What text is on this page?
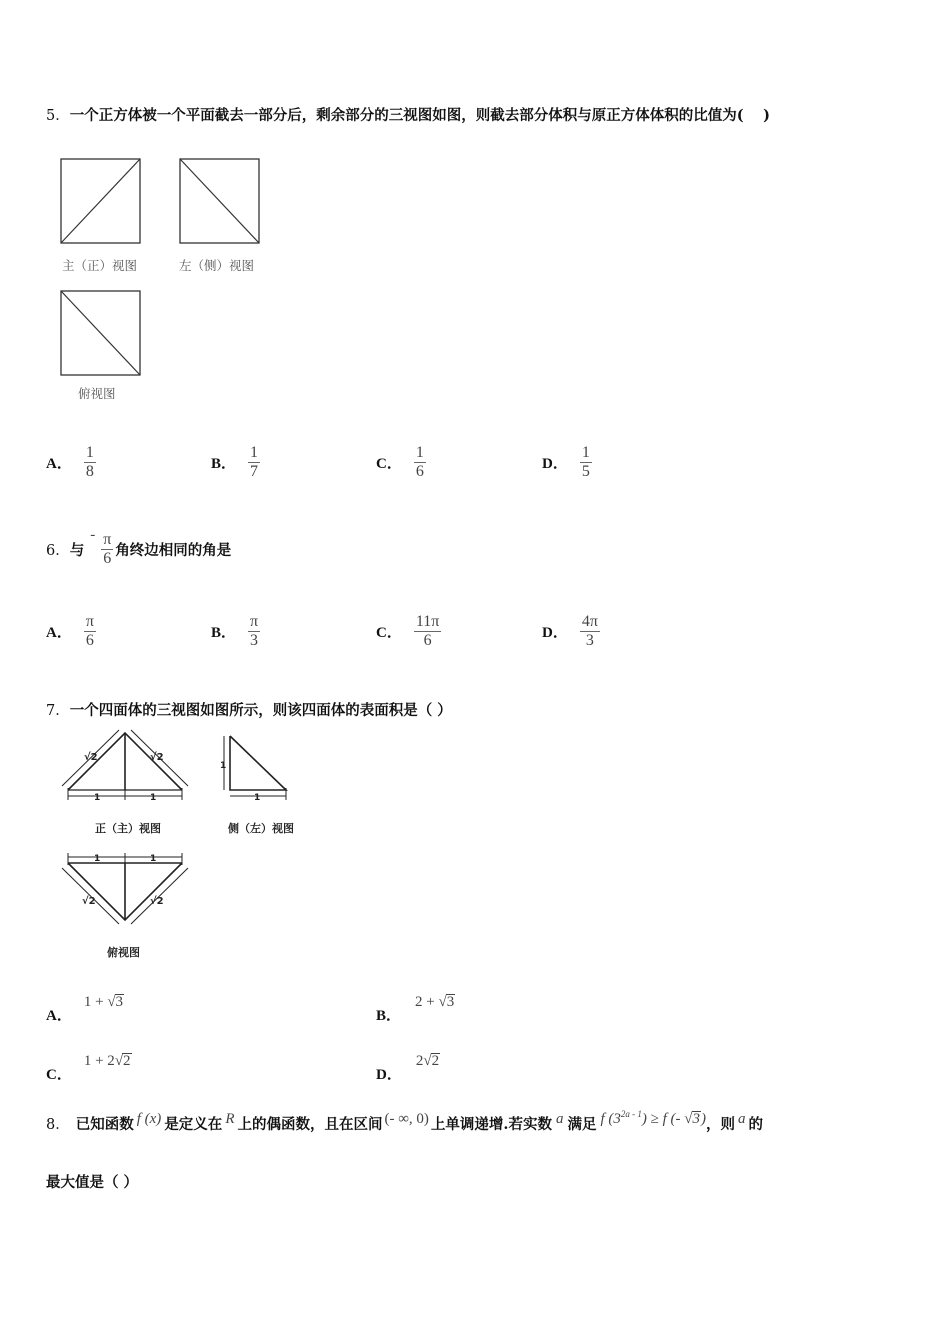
5．一个正方体被一个平面截去一部分后，剩余部分的三视图如图，则截去部分体积与原正方体体积的比值为(　 )
主（正）视图	左（侧）视图
俯视图
A． $\frac{1}{8}$	B． $\frac{1}{7}$	C． $\frac{1}{6}$	D． $\frac{1}{5}$
6． 与
- $\frac{\pi}{6}$ 角终边相同的角是
A． $\frac{\pi}{6}$	B． $\frac{\pi}{3}$	C． $\frac{11\pi}{6}$	D． $\frac{4\pi}{3}$
7．一个四面体的三视图如图所示，则该四面体的表面积是（ ）
1	1
√2	√2
1
1
1	1
√2	√2
正（主）视图	侧（左）视图
俯视图
A．
1 + √3
B．
2 + √3
C．
1 + 2√2
D．
2√2
8． 已知函数 f (x) 是定义在 R 上的偶函数，且在区间 (- ∞, 0) 上单调递增.若实数 a 满足 f $(3^{2a - 1}) \ge f$ (- √3) ，则 a 的
最大值是（ ）
